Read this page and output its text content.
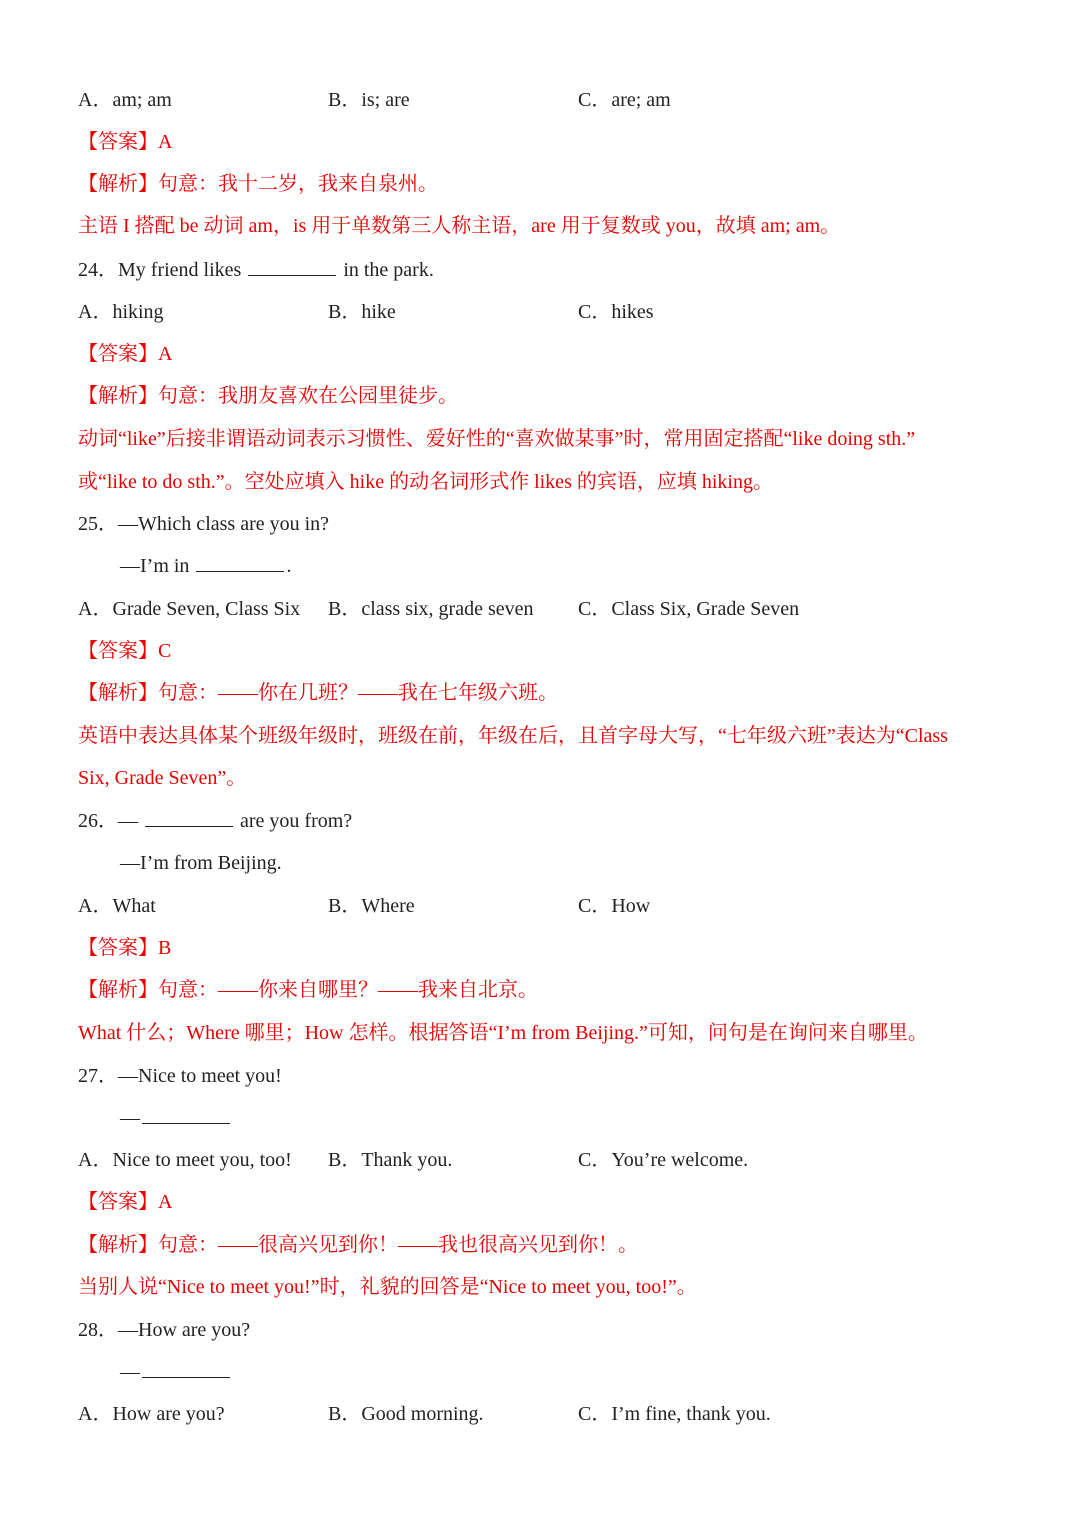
A．am; am	B．is; are	C．are; am
【答案】A
【解析】句意：我十二岁，我来自泉州。
主语 I 搭配 be 动词 am，is 用于单数第三人称主语，are 用于复数或 you，故填 am; am。
24．My friend likes	in the park.
A．hiking	B．hike	C．hikes
【答案】A
【解析】句意：我朋友喜欢在公园里徒步。
动词“like”后接非谓语动词表示习惯性、爱好性的“喜欢做某事”时，常用固定搭配“like doing sth.”
或“like to do sth.”。空处应填入 hike 的动名词形式作 likes 的宾语，应填 hiking。
25．—Which class are you in?
—I’m in	.
A．Grade Seven, Class Six B．class six, grade seven C．Class Six, Grade Seven
【答案】C
【解析】句意：——你在几班？——我在七年级六班。
英语中表达具体某个班级年级时，班级在前，年级在后，且首字母大写，“七年级六班”表达为“Class
Six, Grade Seven”。
26．—	are you from?
—I’m from Beijing.
A．What	B．Where	C．How
【答案】B
【解析】句意：——你来自哪里？——我来自北京。
What 什么；Where 哪里；How 怎样。根据答语“I’m from Beijing.”可知，问句是在询问来自哪里。
27．—Nice to meet you!
—
A．Nice to meet you, too! B．Thank you.	C．You’re welcome.
【答案】A
【解析】句意：——很高兴见到你！——我也很高兴见到你！。
当别人说“Nice to meet you!”时，礼貌的回答是“Nice to meet you, too!”。
28．—How are you?
—
A．How are you?	B．Good morning.	C．I’m fine, thank you.
